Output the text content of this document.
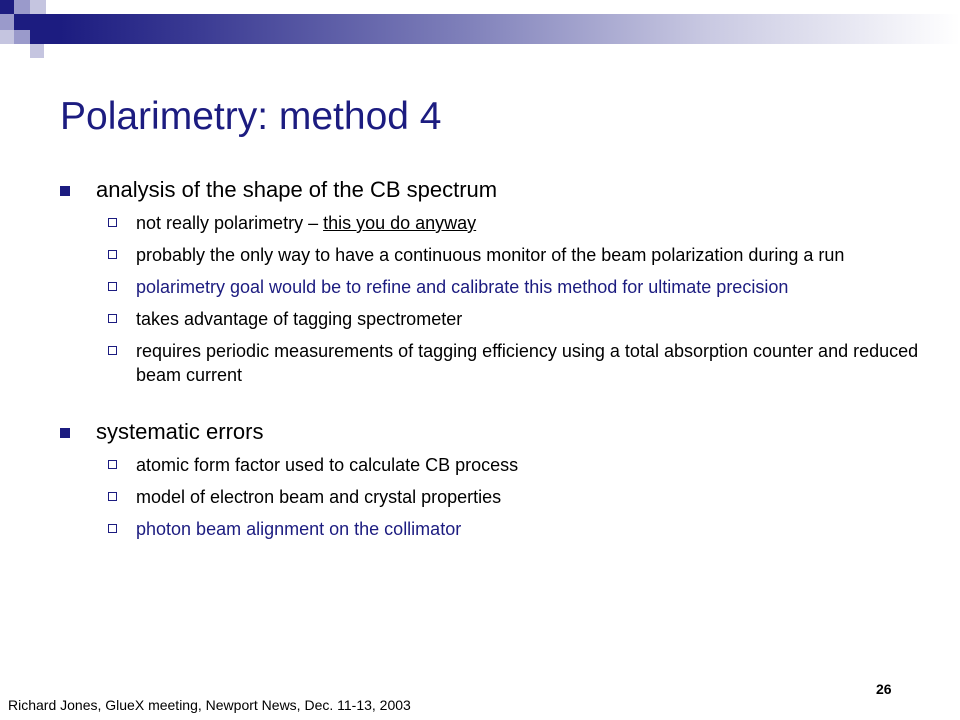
Polarimetry: method 4
analysis of the shape of the CB spectrum
not really polarimetry – this you do anyway
probably the only way to have a continuous monitor of the beam polarization during a run
polarimetry goal would be to refine and calibrate this method for ultimate precision
takes advantage of tagging spectrometer
requires periodic measurements of tagging efficiency using a total absorption counter and reduced beam current
systematic errors
atomic form factor used to calculate CB process
model of electron beam and crystal properties
photon beam alignment on the collimator
Richard Jones, GlueX meeting, Newport News, Dec. 11-13, 2003
26
